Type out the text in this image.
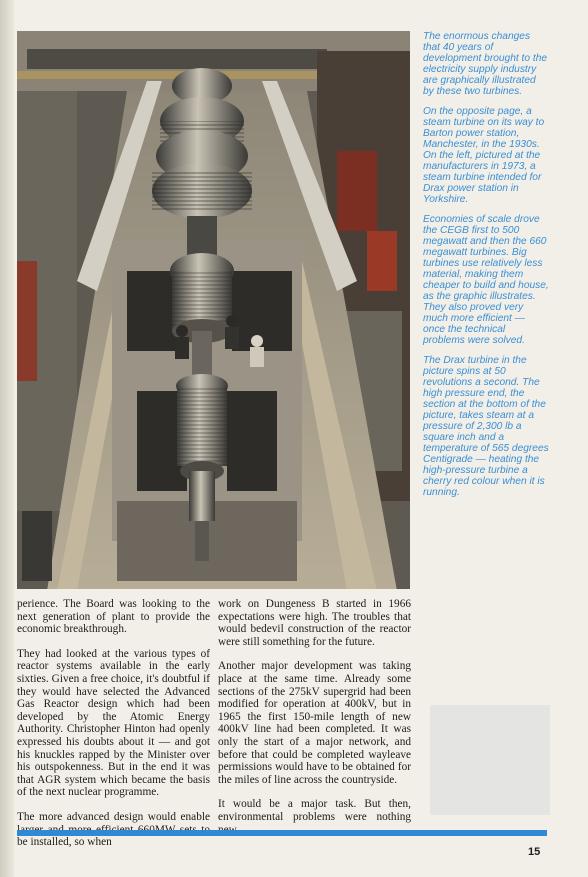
The enormous changes that 40 years of development brought to the electricity supply industry are graphically illustrated by these two turbines.

On the opposite page, a steam turbine on its way to Barton power station, Manchester, in the 1930s. On the left, pictured at the manufacturers in 1973, a steam turbine intended for Drax power station in Yorkshire.

Economies of scale drove the CEGB first to 500 megawatt and then the 660 megawatt turbines. Big turbines use relatively less material, making them cheaper to build and house, as the graphic illustrates. They also proved very much more efficient — once the technical problems were solved.

The Drax turbine in the picture spins at 50 revolutions a second. The high pressure end, the section at the bottom of the picture, takes steam at a pressure of 2,300 lb a square inch and a temperature of 565 degrees Centigrade — heating the high-pressure turbine a cherry red colour when it is running.

perience. The Board was looking to the next generation of plant to provide the economic breakthrough.

They had looked at the various types of reactor systems available in the early sixties. Given a free choice, it's doubtful if they would have selected the Advanced Gas Reactor design which had been developed by the Atomic Energy Authority. Christopher Hinton had openly expressed his doubts about it — and got his knuckles rapped by the Minister over his outspokenness. But in the end it was that AGR system which became the basis of the next nuclear programme.

The more advanced design would enable be installed, so when

work on Dungeness B started in 1966 expectations were high. The troubles that would bedevil construction of the reactor were still something for the future.

Another major development was taking place at the same time. Already some sections of the 275kV supergrid had been modified for operation at 400kV, but in 1965 the first 150-mile length of new 400kV line had been completed. It was only the start of a major network, and before that could be completed wayleave permissions would have to be obtained for the miles of line across the countryside.

It would be a major task. But then, environmental problems were nothing

15
